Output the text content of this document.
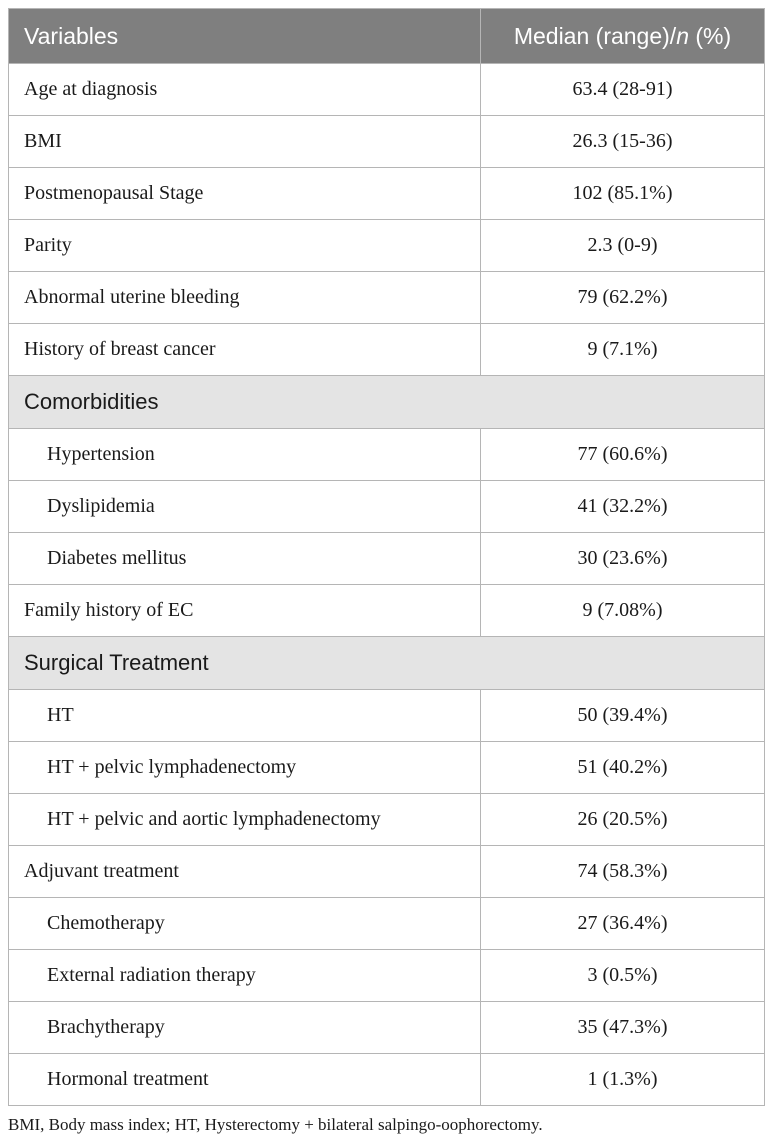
Variables	Median (range)/n (%)
Age at diagnosis	63.4 (28-91)
BMI	26.3 (15-36)
Postmenopausal Stage	102 (85.1%)
Parity	2.3 (0-9)
Abnormal uterine bleeding	79 (62.2%)
History of breast cancer	9 (7.1%)
Comorbidities	
Hypertension	77 (60.6%)
Dyslipidemia	41 (32.2%)
Diabetes mellitus	30 (23.6%)
Family history of EC	9 (7.08%)
Surgical Treatment	
HT	50 (39.4%)
HT + pelvic lymphadenectomy	51 (40.2%)
HT + pelvic and aortic lymphadenectomy	26 (20.5%)
Adjuvant treatment	74 (58.3%)
Chemotherapy	27 (36.4%)
External radiation therapy	3 (0.5%)
Brachytherapy	35 (47.3%)
Hormonal treatment	1 (1.3%)
BMI, Body mass index; HT, Hysterectomy + bilateral salpingo-oophorectomy.
